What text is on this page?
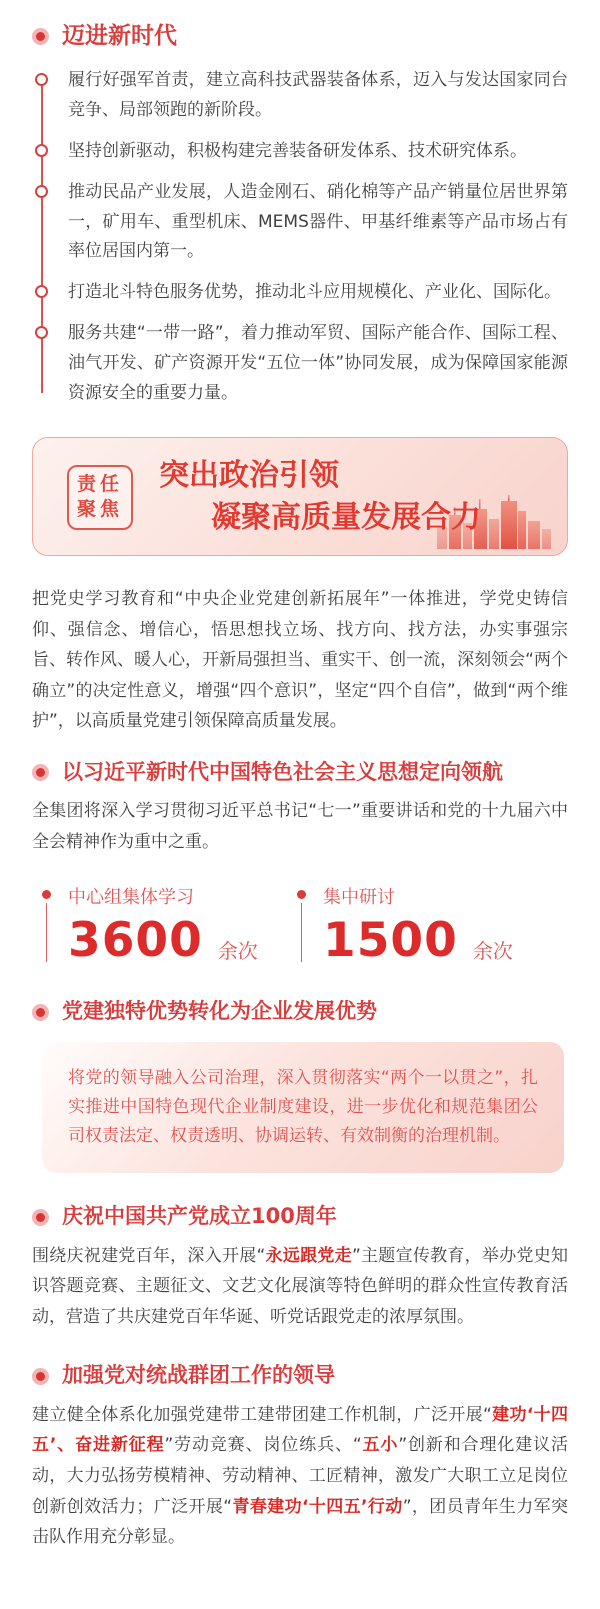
迈进新时代
履行好强军首责，建立高科技武器装备体系，迈入与发达国家同台竞争、局部领跑的新阶段。
坚持创新驱动，积极构建完善装备研发体系、技术研究体系。
推动民品产业发展，人造金刚石、硝化棉等产品产销量位居世界第一，矿用车、重型机床、MEMS器件、甲基纤维素等产品市场占有率位居国内第一。
打造北斗特色服务优势，推动北斗应用规模化、产业化、国际化。
服务共建“一带一路”，着力推动军贸、国际产能合作、国际工程、油气开发、矿产资源开发“五位一体”协同发展，成为保障国家能源资源安全的重要力量。
责任
聚焦
突出政治引领
凝聚高质量发展合力

把党史学习教育和“中央企业党建创新拓展年”一体推进，学党史铸信仰、强信念、增信心，悟思想找立场、找方向、找方法，办实事强宗旨、转作风、暖人心，开新局强担当、重实干、创一流，深刻领会“两个确立”的决定性意义，增强“四个意识”，坚定“四个自信”，做到“两个维护”，以高质量党建引领保障高质量发展。

以习近平新时代中国特色社会主义思想定向领航

全集团将深入学习贯彻习近平总书记“七一”重要讲话和党的十九届六中全会精神作为重中之重。

中心组集体学习
3600 余次
集中研讨
1500 余次
党建独特优势转化为企业发展优势
将党的领导融入公司治理，深入贯彻落实“两个一以贯之”，扎实推进中国特色现代企业制度建设，进一步优化和规范集团公司权责法定、权责透明、协调运转、有效制衡的治理机制。
庆祝中国共产党成立100周年

围绕庆祝建党百年，深入开展“永远跟党走”主题宣传教育，举办党史知识答题竞赛、主题征文、文艺文化展演等特色鲜明的群众性宣传教育活动，营造了共庆建党百年华诞、听党话跟党走的浓厚氛围。

加强党对统战群团工作的领导

建立健全体系化加强党建带工建带团建工作机制，广泛开展“建功‘十四五’、奋进新征程”劳动竞赛、岗位练兵、“五小”创新和合理化建议活动，大力弘扬劳模精神、劳动精神、工匠精神，激发广大职工立足岗位创新创效活力；广泛开展“青春建功‘十四五’行动”，团员青年生力军突击队作用充分彰显。
